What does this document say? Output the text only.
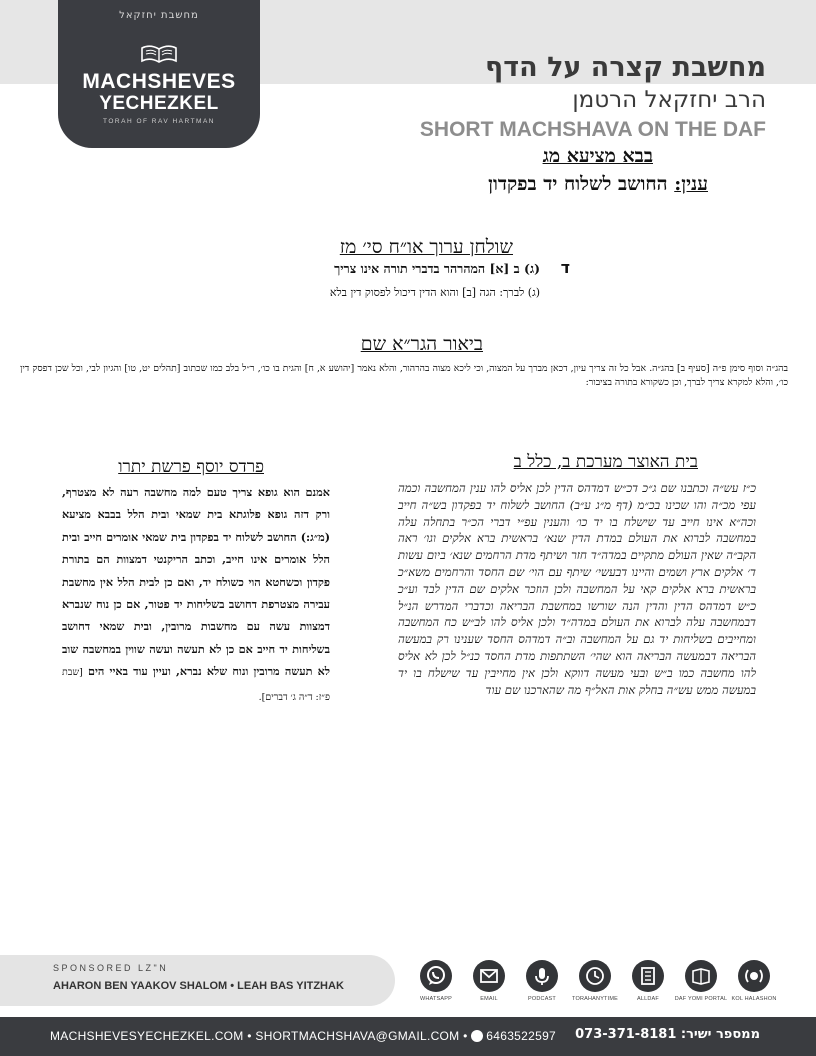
מחשבת יחזקאל
MACHSHEVES
YECHEZKEL
TORAH OF RAV HARTMAN
מחשבת קצרה על הדף
הרב יחזקאל הרטמן
SHORT MACHSHAVA ON THE DAF
בבא מציעא מג
ענין: החושב לשלוח יד בפקדון
שולחן ערוך או״ח סי׳ מז
ד
(ג) ב [א] המהרהר בדברי תורה אינו צריך
(ג) לברך: הגה [ב] והוא הדין דיכול לפסוק דין בלא
ביאור הגר״א שם
בהג״ה וסוף סימן פ״ה [סעיף ב] בהג״ה. אבל כל זה צריך עיון, דכאן מברך על המצוה, וכי ליכא מצוה בהרהור, והלא נאמר [יהושע א, ח] והגית בו כו׳, ר״ל בלב כמו שכתוב [תהלים יט, טו] והגיון לבי, וכל שכן דפסק דין כו׳, והלא למקרא צריך לברך, וכן כשקורא בתורה בציבור:
בית האוצר מערכת ב, כלל ב
כ״ז עש״ה וכתבנו שם ג״כ דכ״ש דמדהס הדין לכן אליס להו ענין המחשבה וכמה עפי מכ״ה והו שכינו בכ״מ (דף מ״ג ע״ב) החושב לשלוח יד בפקדון בש״ה חייב וכה״א אינו חייב עד שישלח בו יד כו׳ והענין עפ״י דברי הכ״ר בתחלה עלה במחשבה לברוא את העולם במדת הדין שנא׳ בראשית ברא אלקים וגו׳ ראה הקב״ה שאין העולם מתקיים במדה״ד חזר ושיתף מדת הרחמים שנא׳ ביום עשות ד׳ אלקים ארץ ושמים והיינו דבעשי׳ שיתף עם הוי׳ שם החסד והרחמים משא״כ בראשית ברא אלקים קאי על המחשבה ולכן הוזכר אלקים שם הדין לבד וע״כ כ״ש דמדהס הדין והדין הנה שורשו במחשבת הבריאה וכדברי המדרש הנ״ל דבמחשבה עלה לברוא את העולם במדה״ד ולכן אליס להו לב״ש כח המחשבה ומחייבים בשליחות יד גם על המחשבה וב״ה דמדהס החסד שענינו רק במעשה הבריאה דבמעשה הבריאה הוא שהי׳ השתתפות מדת החסד כנ״ל לכן לא אליס להו מחשבה כמו ב״ש ובעי מעשה דווקא ולכן אין מחייבין עד שישלח בו יד במעשה ממש עש״ה בחלק אות האל״ף מה שהארכנו שם עוד
פרדס יוסף פרשת יתרו
אמנם הוא גופא צריך טעם למה מחשבה רעה לא מצטרף, ורק דזה גופא פלוגתא בית שמאי ובית הלל בבבא מציעא (מ״ג:) החושב לשלוח יד בפקדון בית שמאי אומרים חייב ובית הלל אומרים אינו חייב, וכתב הריקנטי דמצוות הם בתורת פקדון וכשחטא הוי כשולח יד, ואם כן לבית הלל אין מחשבת עבירה מצטרפת דחושב בשליחות יד פטור, אם כן נוח שנברא דמצוות עשה עם מחשבות מרובין, ובית שמאי דחושב בשליחות יד חייב אם כן לא תעשה ועשה שווין במחשבה שוב לא תעשה מרובין ונוח שלא נברא, ועיין עוד באיי הים [שבת פ״ז: ד״ה ג׳ דברים].
SPONSORED LZ"N
AHARON BEN YAAKOV SHALOM • LEAH BAS YITZHAK
WHATSAPP	EMAIL	PODCAST	TORAHANYTIME	ALLDAF	DAF YOMI PORTAL KOL HALASHON
MACHSHEVESYECHEZKEL.COM • SHORTMACHSHAVA@GMAIL.COM • 6463522597	ממספר ישיר: 073-371-8181
